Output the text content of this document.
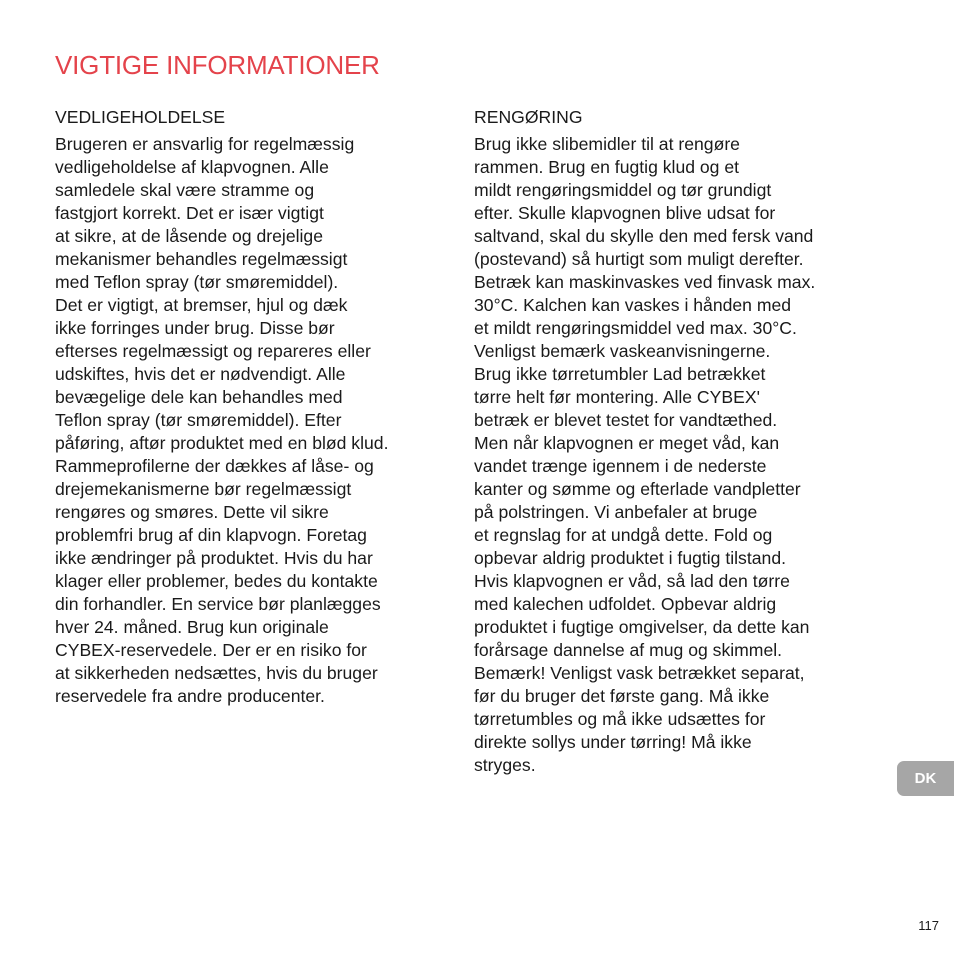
VIGTIGE INFORMATIONER
VEDLIGEHOLDELSE
Brugeren er ansvarlig for regelmæssig
vedligeholdelse af klapvognen. Alle
samledele skal være stramme og
fastgjort korrekt. Det er især vigtigt
at sikre, at de låsende og drejelige
mekanismer behandles regelmæssigt
med Teflon spray (tør smøremiddel).
Det er vigtigt, at bremser, hjul og dæk
ikke forringes under brug. Disse bør
efterses regelmæssigt og repareres eller
udskiftes, hvis det er nødvendigt. Alle
bevægelige dele kan behandles med
Teflon spray (tør smøremiddel). Efter
påføring, aftør produktet med en blød klud.
Rammeprofilerne der dækkes af låse- og
drejemekanismerne bør regelmæssigt
rengøres og smøres. Dette vil sikre
problemfri brug af din klapvogn. Foretag
ikke ændringer på produktet. Hvis du har
klager eller problemer, bedes du kontakte
din forhandler. En service bør planlægges
hver 24. måned. Brug kun originale
CYBEX-reservedele. Der er en risiko for
at sikkerheden nedsættes, hvis du bruger
reservedele fra andre producenter.
RENGØRING
Brug ikke slibemidler til at rengøre
rammen. Brug en fugtig klud og et
mildt rengøringsmiddel og tør grundigt
efter. Skulle klapvognen blive udsat for
saltvand, skal du skylle den med fersk vand
(postevand) så hurtigt som muligt derefter.
Betræk kan maskinvaskes ved finvask max.
30°C. Kalchen kan vaskes i hånden med
et mildt rengøringsmiddel ved max. 30°C.
Venligst bemærk vaskeanvisningerne.
Brug ikke tørretumbler Lad betrækket
tørre helt før montering. Alle CYBEX'
betræk er blevet testet for vandtæthed.
Men når klapvognen er meget våd, kan
vandet trænge igennem i de nederste
kanter og sømme og efterlade vandpletter
på polstringen. Vi anbefaler at bruge
et regnslag for at undgå dette. Fold og
opbevar aldrig produktet i fugtig tilstand.
Hvis klapvognen er våd, så lad den tørre
med kalechen udfoldet. Opbevar aldrig
produktet i fugtige omgivelser, da dette kan
forårsage dannelse af mug og skimmel.
Bemærk! Venligst vask betrækket separat,
før du bruger det første gang. Må ikke
tørretumbles og må ikke udsættes for
direkte sollys under tørring! Må ikke
stryges.
DK
117
